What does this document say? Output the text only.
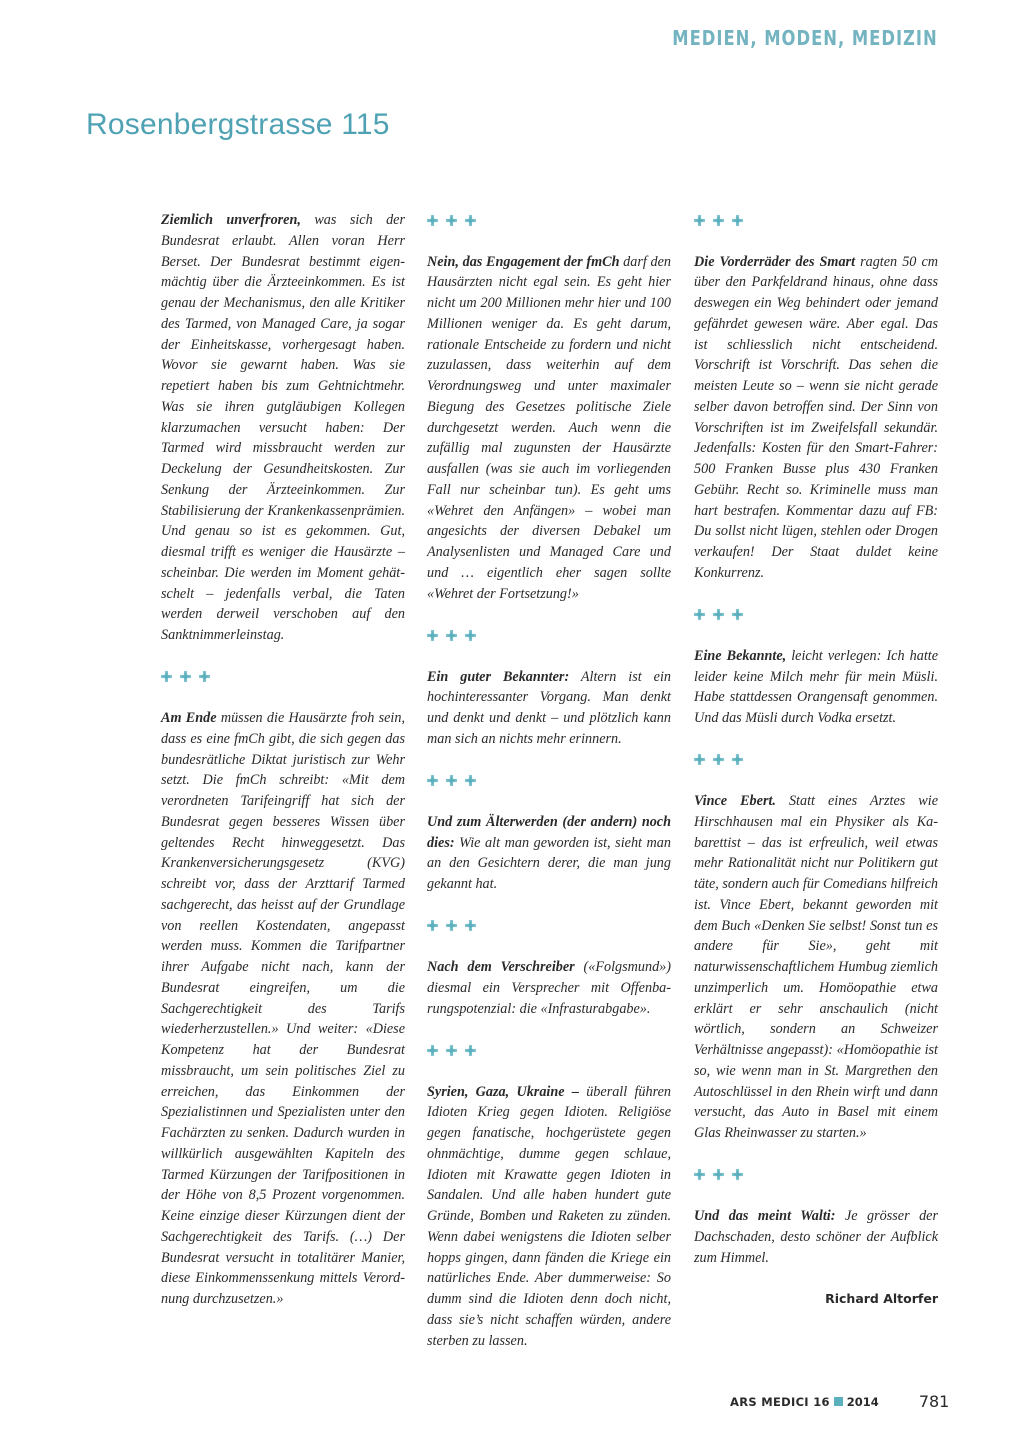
MEDIEN, MODEN, MEDIZIN
Rosenbergstrasse 115

Ziemlich unverfroren, was sich der Bundesrat erlaubt. Allen voran Herr Berset. Der Bundesrat bestimmt eigenmächtig über die Ärzteeinkommen. Es ist genau der Mechanismus, den alle Kritiker des Tarmed, von Managed Care, ja sogar der Einheitskasse, vorhergesagt haben. Wovor sie gewarnt haben. Was sie repetiert haben bis zum Gehtnichtmehr. Was sie ihren gutgläubigen Kollegen klarzumachen versucht haben: Der Tarmed wird missbraucht werden zur Deckelung der Gesundheitskosten. Zur Senkung der Ärzteeinkommen. Zur Stabilisierung der Krankenkassenprämien. Und genau so ist es gekommen. Gut, diesmal trifft es weniger die Hausärzte – scheinbar. Die werden im Moment gehätschelt – jedenfalls verbal, die Taten werden derweil verschoben auf den Sanktnimmerleinstag.

Am Ende müssen die Hausärzte froh sein, dass es eine fmCh gibt, die sich gegen das bundesrätliche Diktat juristisch zur Wehr setzt. Die fmCh schreibt: «Mit dem verordneten Tarifeingriff hat sich der Bundesrat gegen besseres Wissen über geltendes Recht hinweggesetzt. Das Krankenversicherungsgesetz (KVG) schreibt vor, dass der Arzttarif Tarmed sachgerecht, das heisst auf der Grundlage von reellen Kostendaten, angepasst werden muss. Kommen die Tarifpartner ihrer Aufgabe nicht nach, kann der Bundesrat eingreifen, um die Sachgerechtigkeit des Tarifs wiederherzustellen.» Und weiter: «Diese Kompetenz hat der Bundesrat missbraucht, um sein politisches Ziel zu erreichen, das Einkommen der Spezialistinnen und Spezialisten unter den Fachärzten zu senken. Dadurch wurden in willkürlich ausgewählten Kapiteln des Tarmed Kürzungen der Tarifpositionen in der Höhe von 8,5 Prozent vorgenommen. Keine einzige dieser Kürzungen dient der Sachgerechtigkeit des Tarifs. (…) Der Bundesrat versucht in totalitärer Manier, diese Einkommenssenkung mittels Verordnung durchzusetzen.»

Nein, das Engagement der fmCh darf den Hausärzten nicht egal sein. Es geht hier nicht um 200 Millionen mehr hier und 100 Millionen weniger da. Es geht darum, rationale Entscheide zu fordern und nicht zuzulassen, dass weiterhin auf dem Verordnungsweg und unter maximaler Biegung des Gesetzes politische Ziele durchgesetzt werden. Auch wenn die zufällig mal zugunsten der Hausärzte ausfallen (was sie auch im vorliegenden Fall nur scheinbar tun). Es geht ums «Wehret den Anfängen» – wobei man angesichts der diversen Debakel um Analysenlisten und Managed Care und und … eigentlich eher sagen sollte «Wehret der Fortsetzung!»

Ein guter Bekannter: Altern ist ein hochinteressanter Vorgang. Man denkt und denkt und denkt – und plötzlich kann man sich an nichts mehr erinnern.

Und zum Älterwerden (der andern) noch dies: Wie alt man geworden ist, sieht man an den Gesichtern derer, die man jung gekannt hat.

Nach dem Verschreiber («Folgsmund») diesmal ein Versprecher mit Offenbarungspotenzial: die «Infrasturabgabe».

Syrien, Gaza, Ukraine – überall führen Idioten Krieg gegen Idioten. Religiöse gegen fanatische, hochgerüstete gegen ohnmächtige, dumme gegen schlaue, Idioten mit Krawatte gegen Idioten in Sandalen. Und alle haben hundert gute Gründe, Bomben und Raketen zu zünden. Wenn dabei wenigstens die Idioten selber hopps gingen, dann fänden die Kriege ein natürliches Ende. Aber dummerweise: So dumm sind die Idioten denn doch nicht, dass sie’s nicht schaffen würden, andere sterben zu lassen.

Die Vorderräder des Smart ragten 50 cm über den Parkfeldrand hinaus, ohne dass deswegen ein Weg behindert oder jemand gefährdet gewesen wäre. Aber egal. Das ist schliesslich nicht entscheidend. Vorschrift ist Vorschrift. Das sehen die meisten Leute so – wenn sie nicht gerade selber davon betroffen sind. Der Sinn von Vorschriften ist im Zweifelsfall sekundär. Jedenfalls: Kosten für den Smart-Fahrer: 500 Franken Busse plus 430 Franken Gebühr. Recht so. Kriminelle muss man hart bestrafen. Kommentar dazu auf FB: Du sollst nicht lügen, stehlen oder Drogen verkaufen! Der Staat duldet keine Konkurrenz.

Eine Bekannte, leicht verlegen: Ich hatte leider keine Milch mehr für mein Müsli. Habe stattdessen Orangensaft genommen. Und das Müsli durch Vodka ersetzt.

Vince Ebert. Statt eines Arztes wie Hirschhausen mal ein Physiker als Kabarettist – das ist erfreulich, weil etwas mehr Rationalität nicht nur Politikern gut täte, sondern auch für Comedians hilfreich ist. Vince Ebert, bekannt geworden mit dem Buch «Denken Sie selbst! Sonst tun es andere für Sie», geht mit naturwissenschaftlichem Humbug ziemlich unzimperlich um. Homöopathie etwa erklärt er sehr anschaulich (nicht wörtlich, sondern an Schweizer Verhältnisse angepasst): «Homöopathie ist so, wie wenn man in St. Margrethen den Autoschlüssel in den Rhein wirft und dann versucht, das Auto in Basel mit einem Glas Rheinwasser zu starten.»

Und das meint Walti: Je grösser der Dachschaden, desto schöner der Aufblick zum Himmel.

Richard Altorfer
ARS MEDICI 16 2014	781
